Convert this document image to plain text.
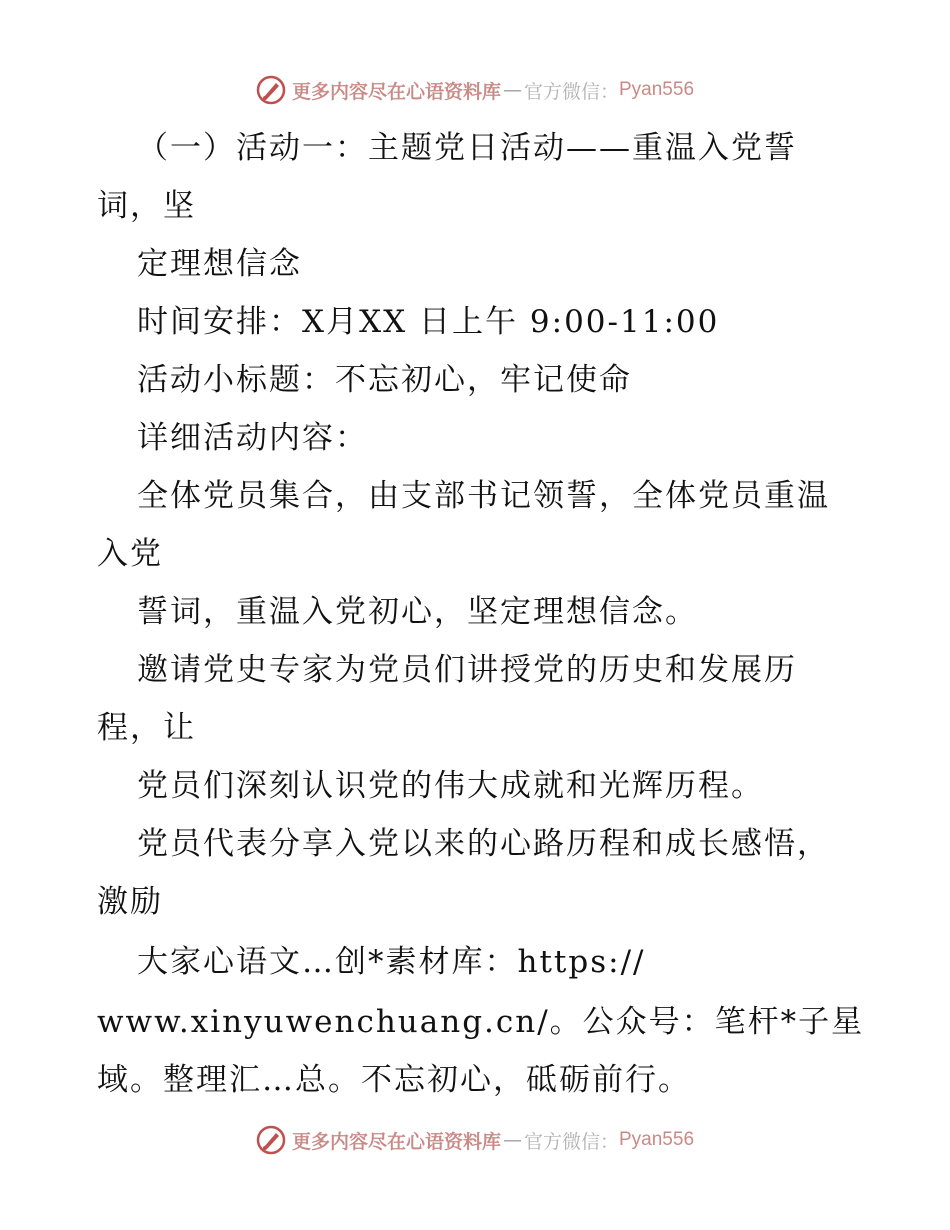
更多内容尽在心语资料库 — 官方微信： Pyan556
（一）活动一：主题党日活动——重温入党誓
词，坚
定理想信念
时间安排：X月XX 日上午 9:00-11:00
活动小标题：不忘初心，牢记使命
详细活动内容：
全体党员集合，由支部书记领誓，全体党员重温
入党
誓词，重温入党初心，坚定理想信念。
邀请党史专家为党员们讲授党的历史和发展历
程，让
党员们深刻认识党的伟大成就和光辉历程。
党员代表分享入党以来的心路历程和成长感悟，
激励
大家心语文…创*素材库：https://
www.xinyuwenchuang.cn/。公众号：笔杆*子星
域。整理汇…总。不忘初心，砥砺前行。
更多内容尽在心语资料库 — 官方微信： Pyan556
